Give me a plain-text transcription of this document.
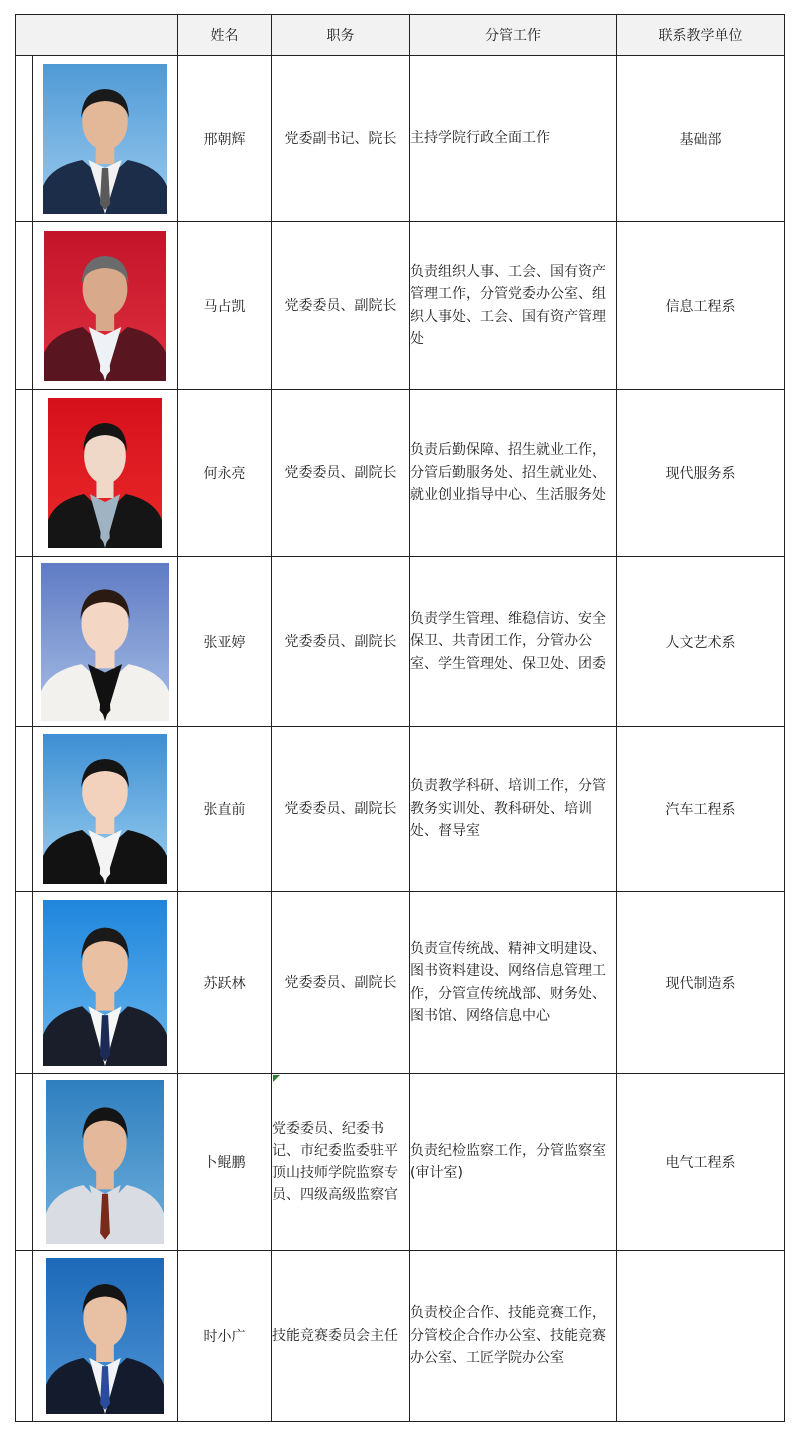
		姓名	职务	分管工作	联系教学单位

	邢朝辉	党委副书记、院长	主持学院行政全面工作	基础部

	马占凯	党委委员、副院长	负责组织人事、工会、国有资产管理工作，分管党委办公室、组织人事处、工会、国有资产管理处	信息工程系

	何永亮	党委委员、副院长	负责后勤保障、招生就业工作，分管后勤服务处、招生就业处、就业创业指导中心、生活服务处	现代服务系

	张亚婷	党委委员、副院长	负责学生管理、维稳信访、安全保卫、共青团工作，分管办公室、学生管理处、保卫处、团委	人文艺术系

	张直前	党委委员、副院长	负责教学科研、培训工作，分管教务实训处、教科研处、培训处、督导室	汽车工程系

	苏跃林	党委委员、副院长	负责宣传统战、精神文明建设、图书资料建设、网络信息管理工作，分管宣传统战部、财务处、图书馆、网络信息中心	现代制造系

	卜鲲鹏	党委委员、纪委书记、市纪委监委驻平顶山技师学院监察专员、四级高级监察官	负责纪检监察工作，分管监察室(审计室)	电气工程系

	时小广	技能竞赛委员会主任	负责校企合作、技能竞赛工作，分管校企合作办公室、技能竞赛办公室、工匠学院办公室	
